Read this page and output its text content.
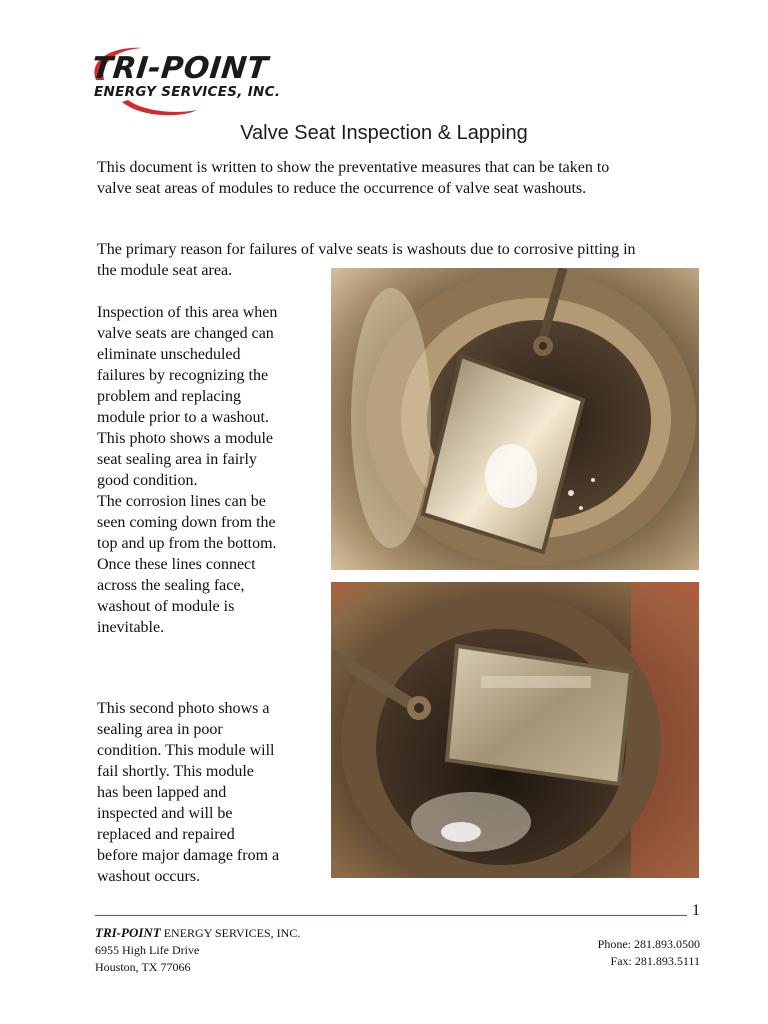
TRI-POINT
ENERGY SERVICES, INC.
Valve Seat Inspection & Lapping

This document is written to show the preventative measures that can be taken to valve seat areas of modules to reduce the occurrence of valve seat washouts.

The primary reason for failures of valve seats is washouts due to corrosive pitting in the module seat area.

Inspection of this area when
valve seats are changed can
eliminate unscheduled
failures by recognizing the
problem and replacing
module prior to a washout.
This photo shows a module
seat sealing area in fairly
good condition.
The corrosion lines can be
seen coming down from the
top and up from the bottom.
Once these lines connect
across the sealing face,
washout of module is
inevitable.

This second photo shows a
sealing area in poor
condition. This module will
fail shortly. This module
has been lapped and
inspected and will be
replaced and repaired
before major damage from a
washout occurs.

1
TRI-POINT ENERGY SERVICES, INC.
6955 High Life Drive
Houston, TX 77066
Phone: 281.893.0500
Fax: 281.893.5111
